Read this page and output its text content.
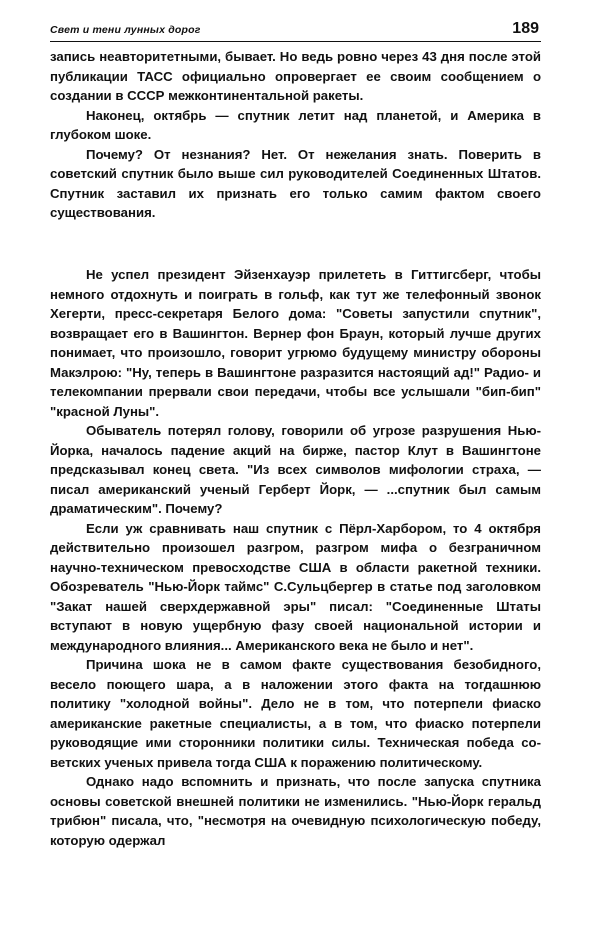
Свет и тени лунных дорог	189

запись неавторитетными, бывает. Но ведь ровно через 43 дня после этой публикации ТАСС официально опровергает ее своим сообщением о создании в СССР межконтинентальной ракеты.

Наконец, октябрь — спутник летит над планетой, и Америка в глубоком шоке.

Почему? От незнания? Нет. От нежелания знать. Поверить в советский спутник было выше сил руководителей Соединенных Штатов. Спутник заставил их признать его только самим фактом своего существования.

Не успел президент Эйзенхауэр прилететь в Гиттигсберг, чтобы немного отдохнуть и поиграть в гольф, как тут же телефонный звонок Хегерти, пресс-секретаря Белого дома: "Советы запустили спутник", возвращает его в Вашингтон. Вернер фон Браун, который лучше других понимает, что произошло, говорит угрюмо будущему министру обороны Макэлрою: "Ну, теперь в Вашингтоне разразится настоящий ад!" Радио- и телекомпании прервали свои передачи, чтобы все услышали "бип-бип" "красной Луны".

Обыватель потерял голову, говорили об угрозе разрушения Нью-Йорка, началось падение акций на бирже, пастор Клут в Вашингтоне предсказывал конец света. "Из всех символов мифологии страха, — писал американский ученый Герберт Йорк, — ...спутник был самым драматическим". Почему?

Если уж сравнивать наш спутник с Пёрл-Харбором, то 4 октября действительно произошел разгром, разгром мифа о безграничном научно-техническом превосходстве США в области ракетной техники. Обозреватель "Нью-Йорк таймс" С.Сульцбергер в статье под заголовком "Закат нашей сверхдержавной эры" писал: "Соединенные Штаты вступают в новую ущербную фазу своей национальной истории и международного влияния... Американского века не было и нет".

Причина шока не в самом факте существования безобидного, весело поющего шара, а в наложении этого факта на тогдашнюю политику "холодной войны". Дело не в том, что потерпели фиаско американские ракетные специалисты, а в том, что фиаско потерпели руководящие ими сторонники политики силы. Техническая победа советских ученых привела тогда США к поражению политическому.

Однако надо вспомнить и признать, что после запуска спутника основы советской внешней политики не изменились. "Нью-Йорк геральд трибюн" писала, что, "несмотря на очевидную психологическую победу, которую одержал
